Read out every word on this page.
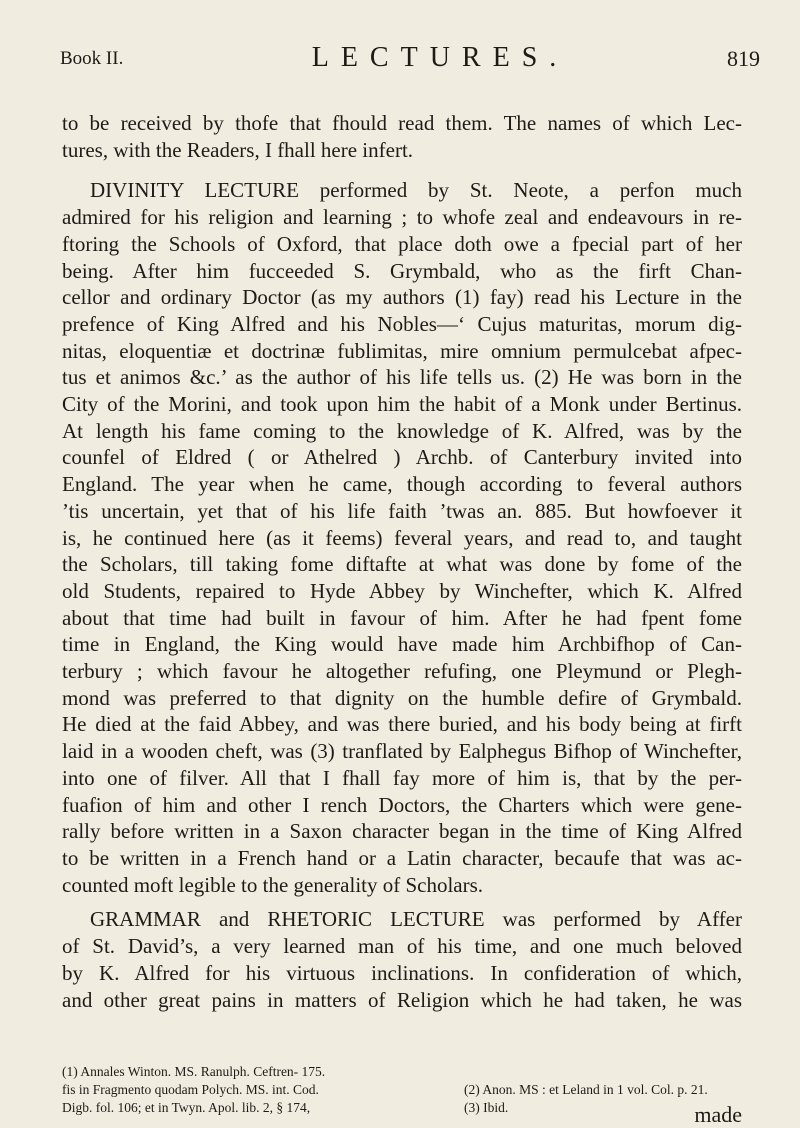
Book II.	LECTURES.	819
to be received by thofe that fhould read them. The names of which Lec-
tures, with the Readers, I fhall here infert.
DIVINITY LECTURE performed by St. Neote, a perfon much
admired for his religion and learning ; to whofe zeal and endeavours in re-
ftoring the Schools of Oxford, that place doth owe a fpecial part of her
being. After him fucceeded S. Grymbald, who as the firft Chan-
cellor and ordinary Doctor (as my authors (1) fay) read his Lecture in the
prefence of King Alfred and his Nobles—‘ Cujus maturitas, morum dig-
nitas, eloquentiæ et doctrinæ fublimitas, mire omnium permulcebat afpec-
tus et animos &c.’ as the author of his life tells us. (2) He was born in the
City of the Morini, and took upon him the habit of a Monk under Bertinus.
At length his fame coming to the knowledge of K. Alfred, was by the
counfel of Eldred ( or Athelred ) Archb. of Canterbury invited into
England. The year when he came, though according to feveral authors
’tis uncertain, yet that of his life faith ’twas an. 885. But howfoever it
is, he continued here (as it feems) feveral years, and read to, and taught
the Scholars, till taking fome diftafte at what was done by fome of the
old Students, repaired to Hyde Abbey by Winchefter, which K. Alfred
about that time had built in favour of him. After he had fpent fome
time in England, the King would have made him Archbifhop of Can-
terbury ; which favour he altogether refufing, one Pleymund or Plegh-
mond was preferred to that dignity on the humble defire of Grymbald.
He died at the faid Abbey, and was there buried, and his body being at firft
laid in a wooden cheft, was (3) tranflated by Ealphegus Bifhop of Winchefter,
into one of filver. All that I fhall fay more of him is, that by the per-
fuafion of him and other I rench Doctors, the Charters which were gene-
rally before written in a Saxon character began in the time of King Alfred
to be written in a French hand or a Latin character, becaufe that was ac-
counted moft legible to the generality of Scholars.
GRAMMAR and RHETORIC LECTURE was performed by Affer
of St. David’s, a very learned man of his time, and one much beloved
by K. Alfred for his virtuous inclinations. In confideration of which,
and other great pains in matters of Religion which he had taken, he was
(1) Annales Winton. MS. Ranulph. Ceftren- 175.
fis in Fragmento quodam Polych. MS. int. Cod.
Digb. fol. 106; et in Twyn. Apol. lib. 2, § 174,

(2) Anon. MS : et Leland in 1 vol. Col. p. 21.
(3) Ibid.	made
